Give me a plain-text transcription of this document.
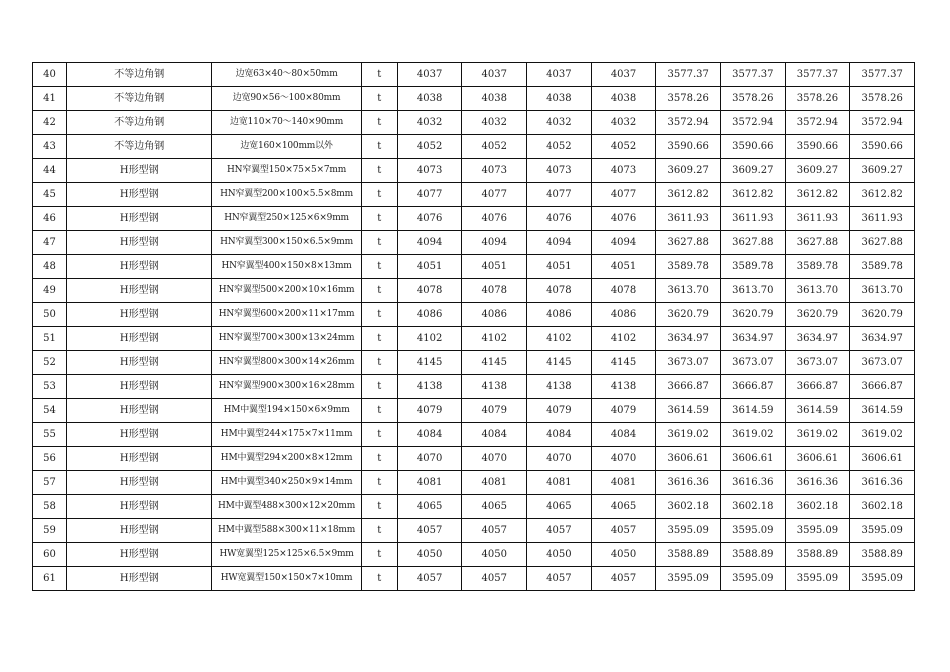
40	不等边角钢	边宽63×40～80×50mm	t	4037	4037	4037	4037	3577.37	3577.37	3577.37	3577.37
41	不等边角钢	边宽90×56～100×80mm	t	4038	4038	4038	4038	3578.26	3578.26	3578.26	3578.26
42	不等边角钢	边宽110×70～140×90mm	t	4032	4032	4032	4032	3572.94	3572.94	3572.94	3572.94
43	不等边角钢	边宽160×100mm以外	t	4052	4052	4052	4052	3590.66	3590.66	3590.66	3590.66
44	H形型钢	HN窄翼型150×75×5×7mm	t	4073	4073	4073	4073	3609.27	3609.27	3609.27	3609.27
45	H形型钢	HN窄翼型200×100×5.5×8mm	t	4077	4077	4077	4077	3612.82	3612.82	3612.82	3612.82
46	H形型钢	HN窄翼型250×125×6×9mm	t	4076	4076	4076	4076	3611.93	3611.93	3611.93	3611.93
47	H形型钢	HN窄翼型300×150×6.5×9mm	t	4094	4094	4094	4094	3627.88	3627.88	3627.88	3627.88
48	H形型钢	HN窄翼型400×150×8×13mm	t	4051	4051	4051	4051	3589.78	3589.78	3589.78	3589.78
49	H形型钢	HN窄翼型500×200×10×16mm	t	4078	4078	4078	4078	3613.70	3613.70	3613.70	3613.70
50	H形型钢	HN窄翼型600×200×11×17mm	t	4086	4086	4086	4086	3620.79	3620.79	3620.79	3620.79
51	H形型钢	HN窄翼型700×300×13×24mm	t	4102	4102	4102	4102	3634.97	3634.97	3634.97	3634.97
52	H形型钢	HN窄翼型800×300×14×26mm	t	4145	4145	4145	4145	3673.07	3673.07	3673.07	3673.07
53	H形型钢	HN窄翼型900×300×16×28mm	t	4138	4138	4138	4138	3666.87	3666.87	3666.87	3666.87
54	H形型钢	HM中翼型194×150×6×9mm	t	4079	4079	4079	4079	3614.59	3614.59	3614.59	3614.59
55	H形型钢	HM中翼型244×175×7×11mm	t	4084	4084	4084	4084	3619.02	3619.02	3619.02	3619.02
56	H形型钢	HM中翼型294×200×8×12mm	t	4070	4070	4070	4070	3606.61	3606.61	3606.61	3606.61
57	H形型钢	HM中翼型340×250×9×14mm	t	4081	4081	4081	4081	3616.36	3616.36	3616.36	3616.36
58	H形型钢	HM中翼型488×300×12×20mm	t	4065	4065	4065	4065	3602.18	3602.18	3602.18	3602.18
59	H形型钢	HM中翼型588×300×11×18mm	t	4057	4057	4057	4057	3595.09	3595.09	3595.09	3595.09
60	H形型钢	HW宽翼型125×125×6.5×9mm	t	4050	4050	4050	4050	3588.89	3588.89	3588.89	3588.89
61	H形型钢	HW宽翼型150×150×7×10mm	t	4057	4057	4057	4057	3595.09	3595.09	3595.09	3595.09
